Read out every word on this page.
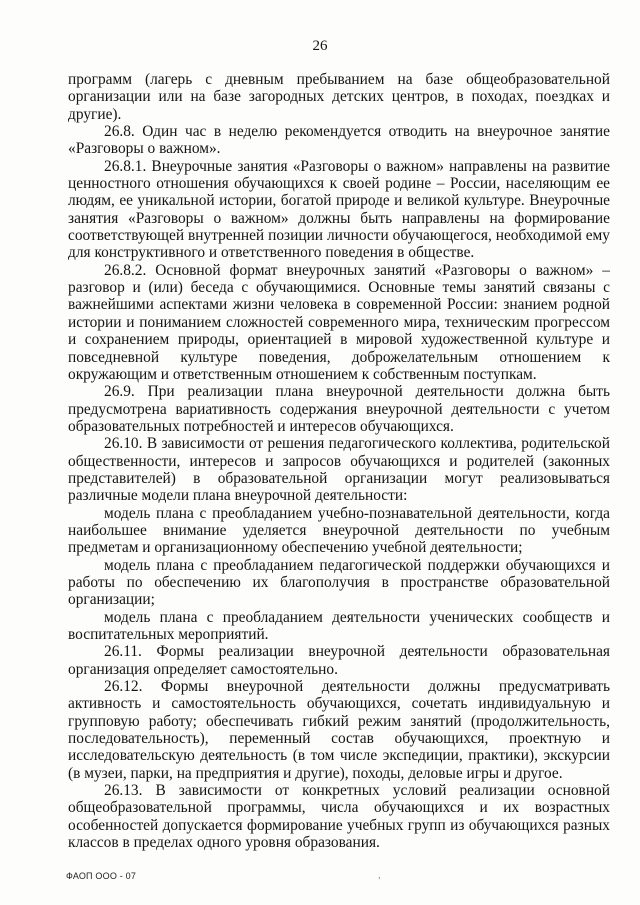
26

программ (лагерь с дневным пребыванием на базе общеобразовательной организации или на базе загородных детских центров, в походах, поездках и другие).

26.8. Один час в неделю рекомендуется отводить на внеурочное занятие «Разговоры о важном».

26.8.1. Внеурочные занятия «Разговоры о важном» направлены на развитие ценностного отношения обучающихся к своей родине – России, населяющим ее людям, ее уникальной истории, богатой природе и великой культуре. Внеурочные занятия «Разговоры о важном» должны быть направлены на формирование соответствующей внутренней позиции личности обучающегося, необходимой ему для конструктивного и ответственного поведения в обществе.

26.8.2. Основной формат внеурочных занятий «Разговоры о важном» – разговор и (или) беседа с обучающимися. Основные темы занятий связаны с важнейшими аспектами жизни человека в современной России: знанием родной истории и пониманием сложностей современного мира, техническим прогрессом и сохранением природы, ориентацией в мировой художественной культуре и повседневной культуре поведения, доброжелательным отношением к окружающим и ответственным отношением к собственным поступкам.

26.9. При реализации плана внеурочной деятельности должна быть предусмотрена вариативность содержания внеурочной деятельности с учетом образовательных потребностей и интересов обучающихся.

26.10. В зависимости от решения педагогического коллектива, родительской общественности, интересов и запросов обучающихся и родителей (законных представителей) в образовательной организации могут реализовываться различные модели плана внеурочной деятельности:

модель плана с преобладанием учебно-познавательной деятельности, когда наибольшее внимание уделяется внеурочной деятельности по учебным предметам и организационному обеспечению учебной деятельности;

модель плана с преобладанием педагогической поддержки обучающихся и работы по обеспечению их благополучия в пространстве образовательной организации;

модель плана с преобладанием деятельности ученических сообществ и воспитательных мероприятий.

26.11. Формы реализации внеурочной деятельности образовательная организация определяет самостоятельно.

26.12. Формы внеурочной деятельности должны предусматривать активность и самостоятельность обучающихся, сочетать индивидуальную и групповую работу; обеспечивать гибкий режим занятий (продолжительность, последовательность), переменный состав обучающихся, проектную и исследовательскую деятельность (в том числе экспедиции, практики), экскурсии (в музеи, парки, на предприятия и другие), походы, деловые игры и другое.

26.13. В зависимости от конкретных условий реализации основной общеобразовательной программы, числа обучающихся и их возрастных особенностей допускается формирование учебных групп из обучающихся разных классов в пределах одного уровня образования.

ФАОП ООО - 07	,
